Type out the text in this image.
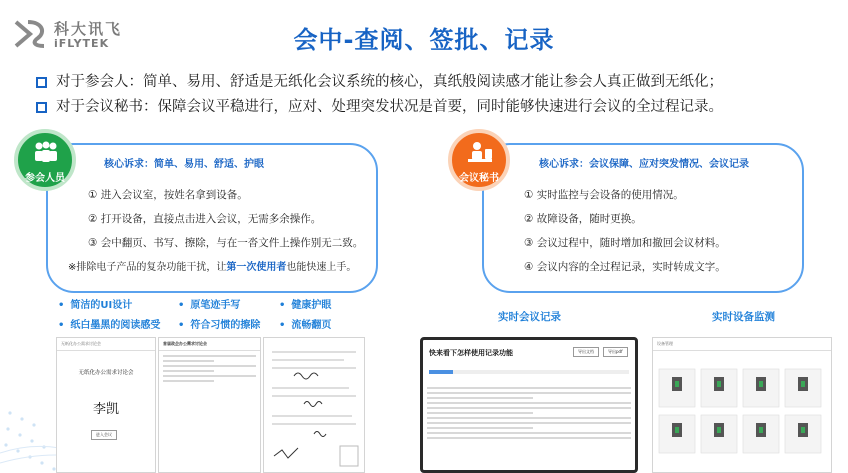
科大讯飞
iFLYTEK	会中-查阅、签批、记录
对于参会人：简单、易用、舒适是无纸化会议系统的核心，真纸般阅读感才能让参会人真正做到无纸化；
对于会议秘书：保障会议平稳进行，应对、处理突发状况是首要，同时能够快速进行会议的全过程记录。
核心诉求：简单、易用、舒适、护眼
① 进入会议室，按姓名拿到设备。
② 打开设备，直接点击进入会议，无需多余操作。
③ 会中翻页、书写、擦除，与在一沓文件上操作别无二致。
※排除电子产品的复杂功能干扰，让第一次使用者也能快速上手。
参会人员
核心诉求：会议保障、应对突发情况、会议记录
① 实时监控与会设备的使用情况。
② 故障设备，随时更换。
③ 会议过程中，随时增加和撤回会议材料。
④ 会议内容的全过程记录，实时转成文字。
会议秘书
• 简洁的UI设计	• 原笔迹手写	• 健康护眼
• 纸白墨黑的阅读感受	• 符合习惯的擦除	• 流畅翻页
实时会议记录	实时设备监测
无纸化办公需求讨论会
无纸化办公需求讨论会
李凯
进入会议
首届政企办公需求讨论会
快来看下怎样使用记录功能	导出文档	导出pdf
设备管理
